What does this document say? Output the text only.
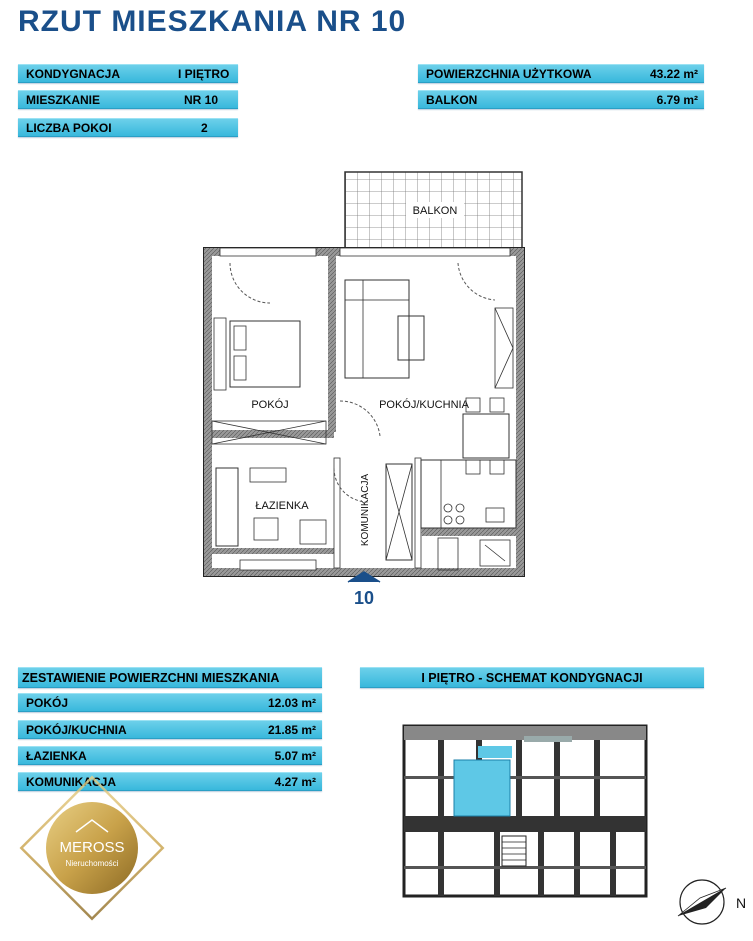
RZUT MIESZKANIA NR 10
KONDYGNACJA	I PIĘTRO
MIESZKANIE	NR 10
LICZBA POKOI	2
POWIERZCHNIA UŻYTKOWA	43.22 m²
BALKON	6.79 m²
BALKON
POKÓJ	POKÓJ/KUCHNIA
KOMUNIKACJA
ŁAZIENKA
10
ZESTAWIENIE POWIERZCHNI MIESZKANIA
POKÓJ	12.03 m²
POKÓJ/KUCHNIA	21.85 m²
ŁAZIENKA	5.07 m²
KOMUNIKACJA	4.27 m²
I PIĘTRO - SCHEMAT KONDYGNACJI
N
MEROSS
Nieruchomości
